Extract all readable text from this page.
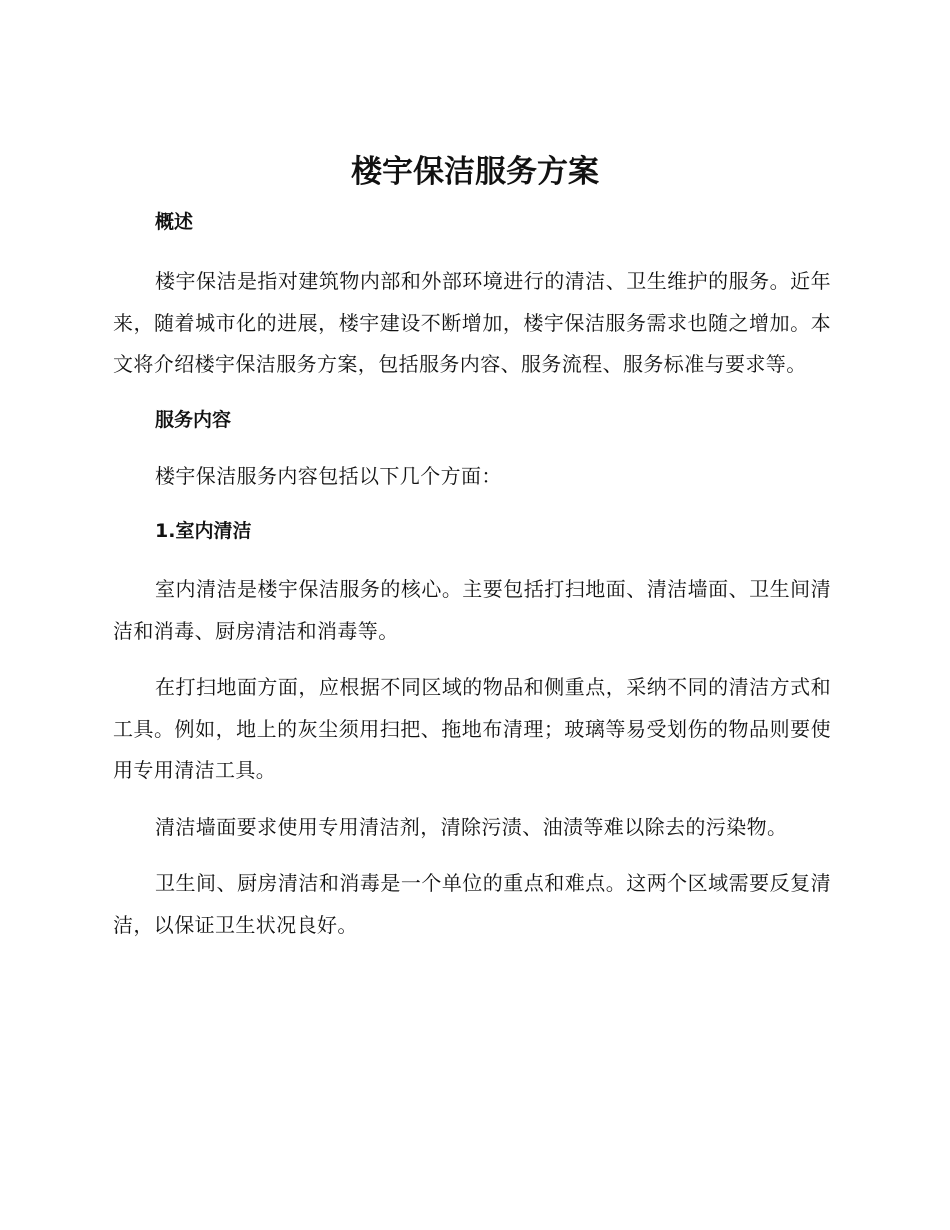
楼宇保洁服务方案
概述

楼宇保洁是指对建筑物内部和外部环境进行的清洁、卫生维护的服务。近年来，随着城市化的进展，楼宇建设不断增加，楼宇保洁服务需求也随之增加。本文将介绍楼宇保洁服务方案，包括服务内容、服务流程、服务标准与要求等。

服务内容

楼宇保洁服务内容包括以下几个方面：

1.室内清洁

室内清洁是楼宇保洁服务的核心。主要包括打扫地面、清洁墙面、卫生间清洁和消毒、厨房清洁和消毒等。

在打扫地面方面，应根据不同区域的物品和侧重点，采纳不同的清洁方式和工具。例如，地上的灰尘须用扫把、拖地布清理；玻璃等易受划伤的物品则要使用专用清洁工具。

清洁墙面要求使用专用清洁剂，清除污渍、油渍等难以除去的污染物。

卫生间、厨房清洁和消毒是一个单位的重点和难点。这两个区域需要反复清洁，以保证卫生状况良好。
